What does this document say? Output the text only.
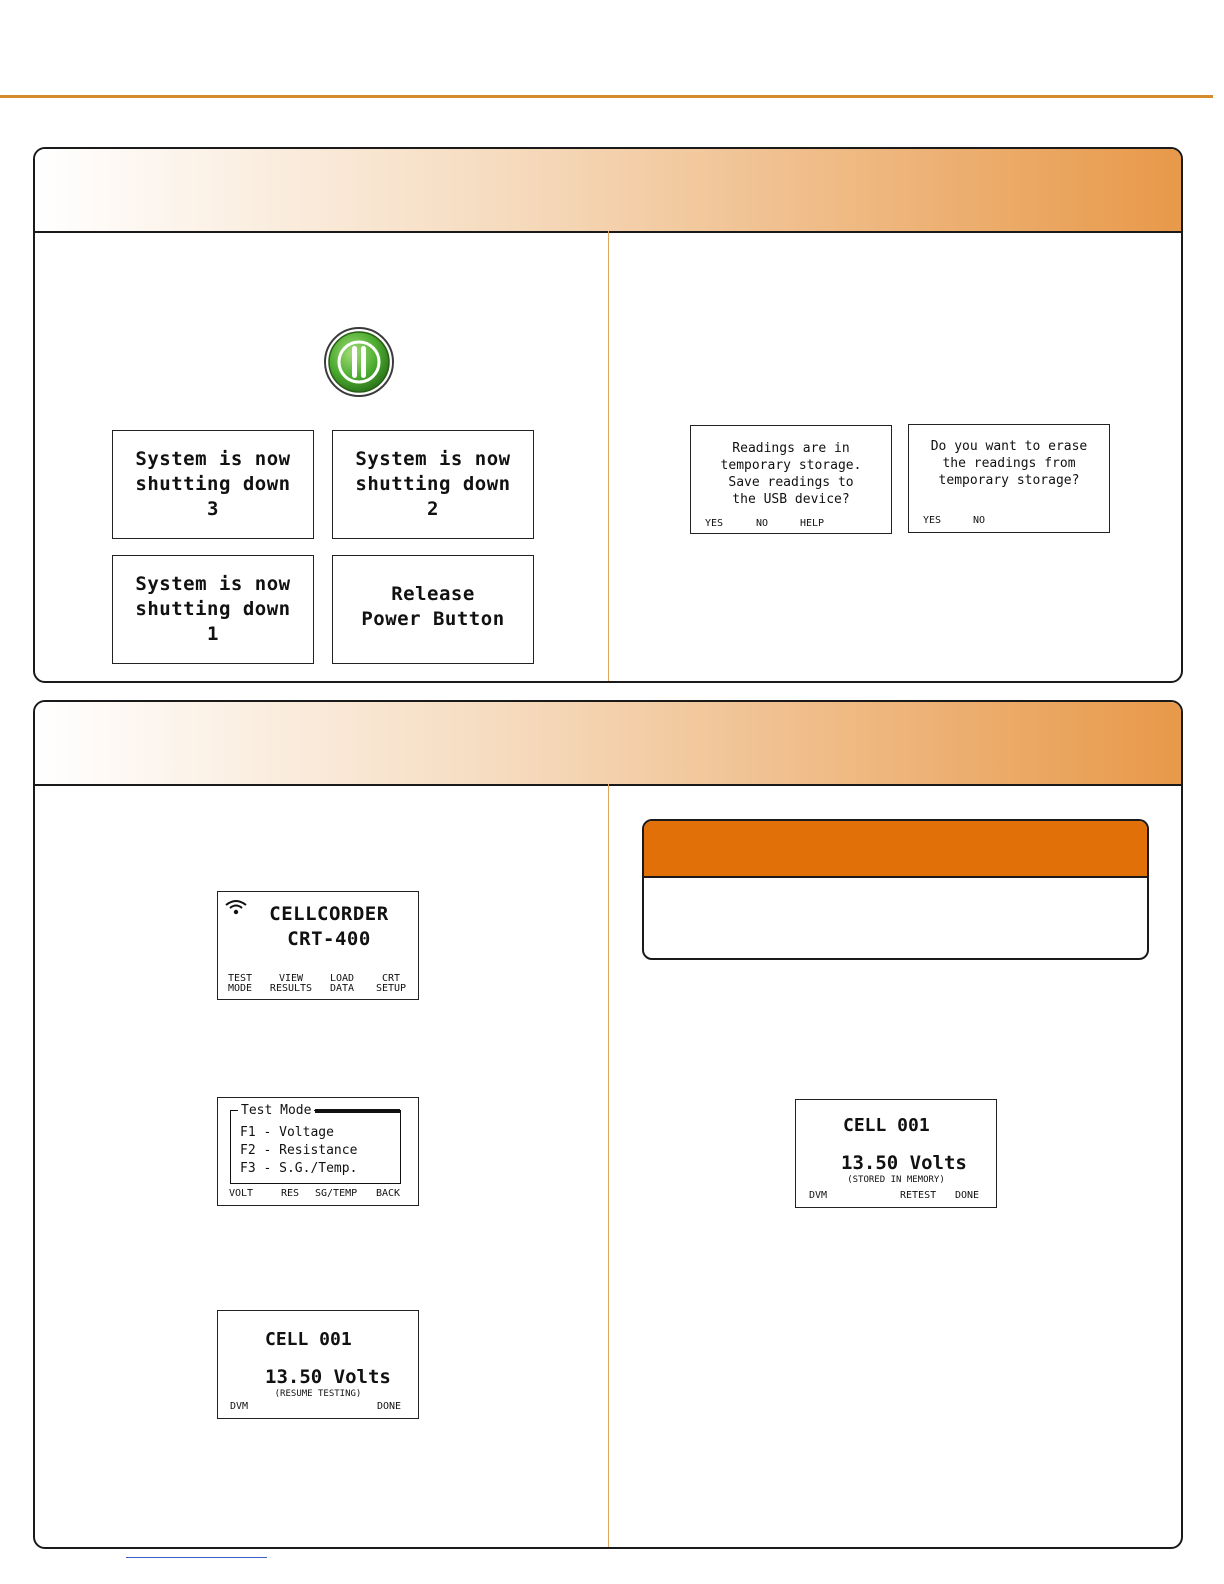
System is now
shutting down
3
System is now
shutting down
2
System is now
shutting down
1
Release
Power Button
Readings are in
temporary storage.
Save readings to
the USB device?
YES	NO	HELP
Do you want to erase
the readings from
temporary storage?
YES	NO
CELLCORDER
CRT-400
TEST
MODE
VIEW
RESULTS
LOAD
DATA
CRT
SETUP
Test Mode
F1 - Voltage
F2 - Resistance
F3 - S.G./Temp.
VOLT	RES SG/TEMP BACK
CELL 001
13.50 Volts
(RESUME TESTING)
DVM	DONE
CELL 001
13.50 Volts
(STORED IN MEMORY)
DVM	RETEST DONE
